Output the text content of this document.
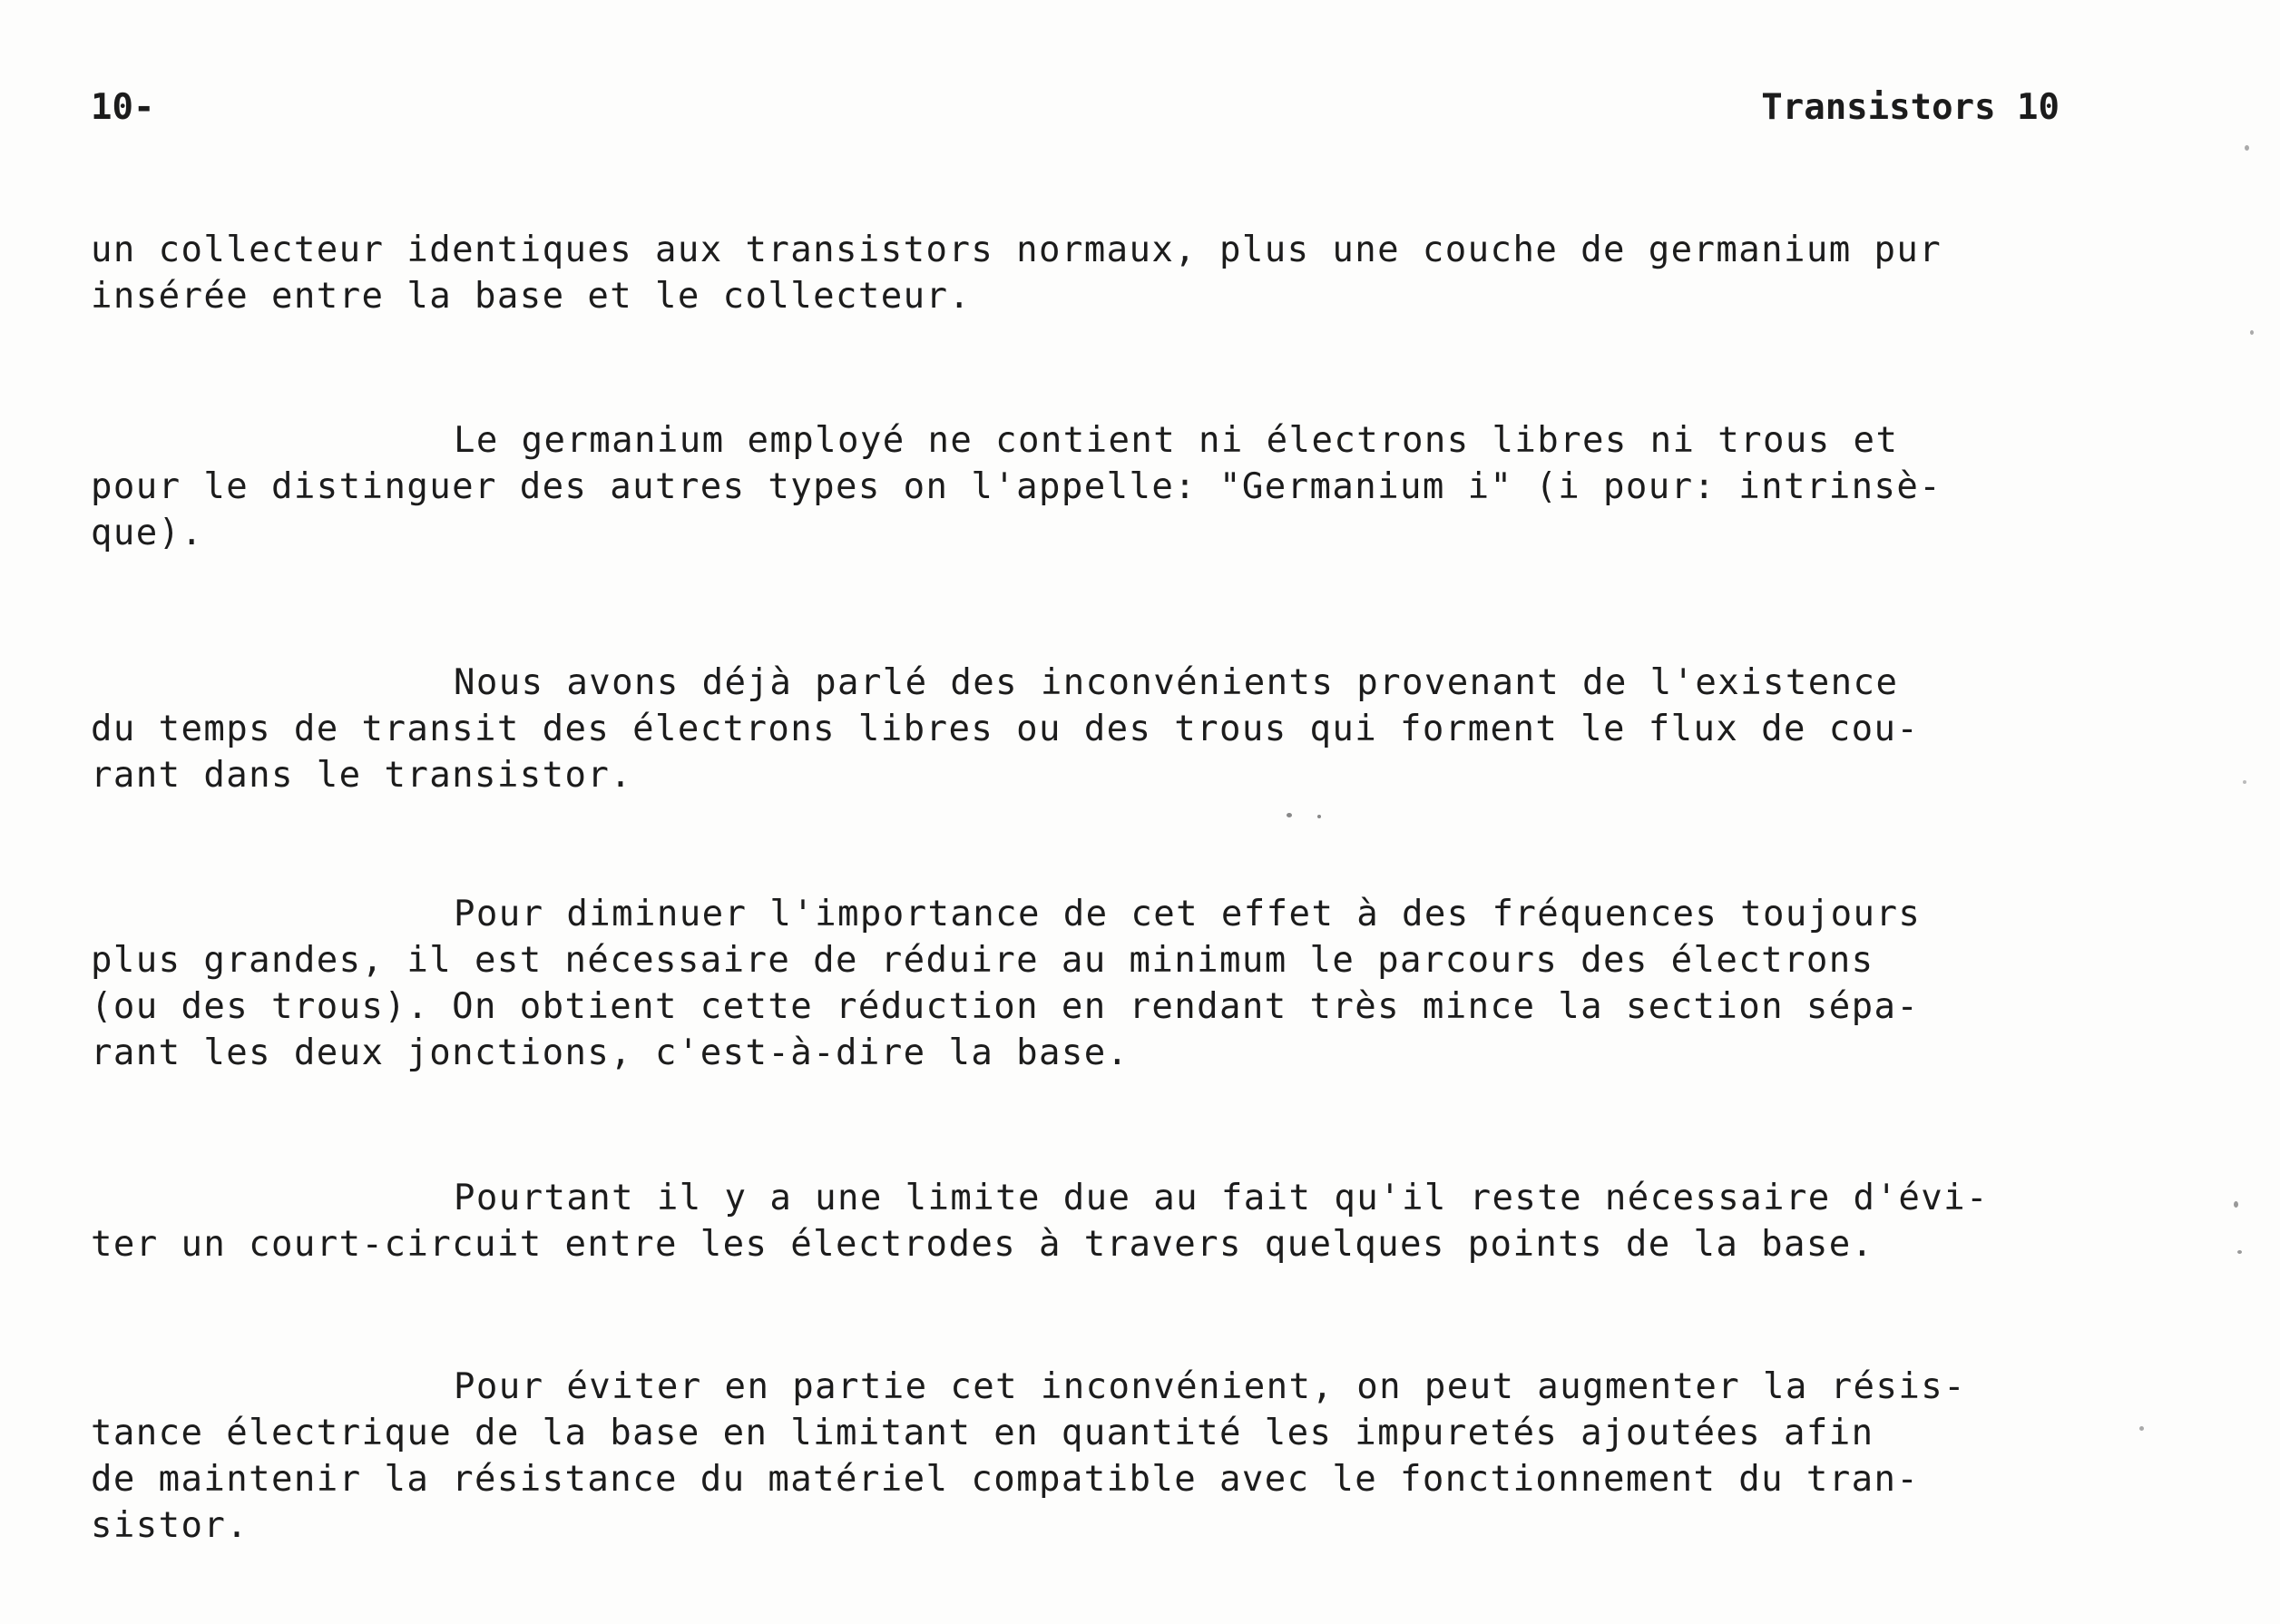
10-	Transistors 10
un collecteur identiques aux transistors normaux, plus une couche de germanium pur
insérée entre la base et le collecteur.
Le germanium employé ne contient ni électrons libres ni trous et
pour le distinguer des autres types on l'appelle: "Germanium i" (i pour: intrinsè-
que).
Nous avons déjà parlé des inconvénients provenant de l'existence
du temps de transit des électrons libres ou des trous qui forment le flux de cou-
rant dans le transistor.
Pour diminuer l'importance de cet effet à des fréquences toujours
plus grandes, il est nécessaire de réduire au minimum le parcours des électrons
(ou des trous). On obtient cette réduction en rendant très mince la section sépa-
rant les deux jonctions, c'est-à-dire la base.
Pourtant il y a une limite due au fait qu'il reste nécessaire d'évi-
ter un court-circuit entre les électrodes à travers quelques points de la base.
Pour éviter en partie cet inconvénient, on peut augmenter la résis-
tance électrique de la base en limitant en quantité les impuretés ajoutées afin
de maintenir la résistance du matériel compatible avec le fonctionnement du tran-
sistor.
